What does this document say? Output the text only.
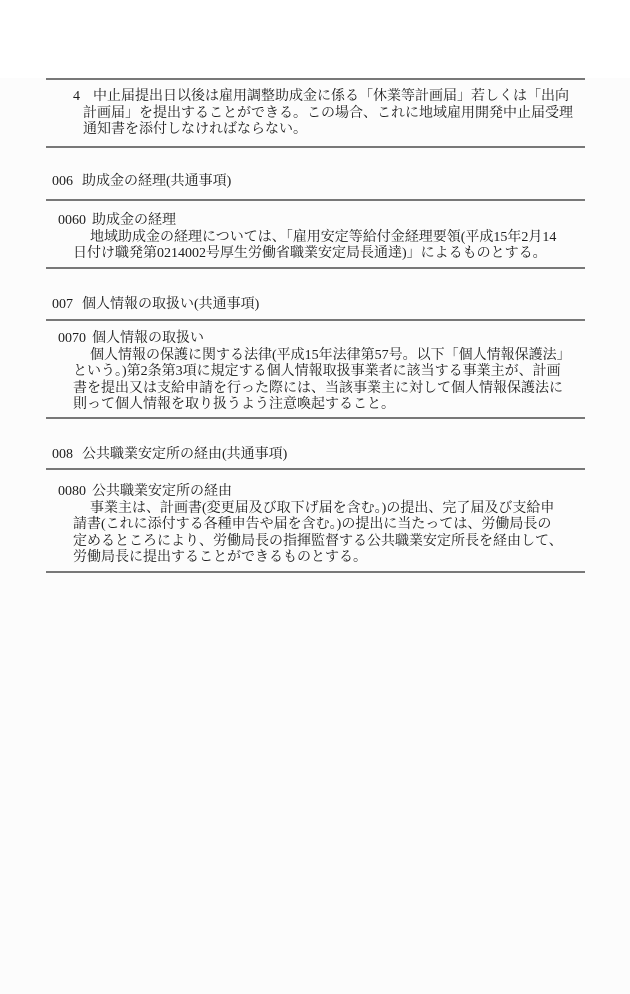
4 中止届提出日以後は雇用調整助成金に係る「休業等計画届」若しくは「出向
計画届」を提出することができる。この場合、これに地域雇用開発中止届受理
通知書を添付しなければならない。
006 助成金の経理(共通事項)
0060 助成金の経理
地域助成金の経理については、「雇用安定等給付金経理要領(平成15年2月14
日付け職発第0214002号厚生労働省職業安定局長通達)」によるものとする。
007 個人情報の取扱い(共通事項)
0070 個人情報の取扱い
個人情報の保護に関する法律(平成15年法律第57号。以下「個人情報保護法」
という。)第2条第3項に規定する個人情報取扱事業者に該当する事業主が、計画
書を提出又は支給申請を行った際には、当該事業主に対して個人情報保護法に
則って個人情報を取り扱うよう注意喚起すること。
008 公共職業安定所の経由(共通事項)
0080 公共職業安定所の経由
事業主は、計画書(変更届及び取下げ届を含む。)の提出、完了届及び支給申
請書(これに添付する各種申告や届を含む。)の提出に当たっては、労働局長の
定めるところにより、労働局長の指揮監督する公共職業安定所長を経由して、
労働局長に提出することができるものとする。
